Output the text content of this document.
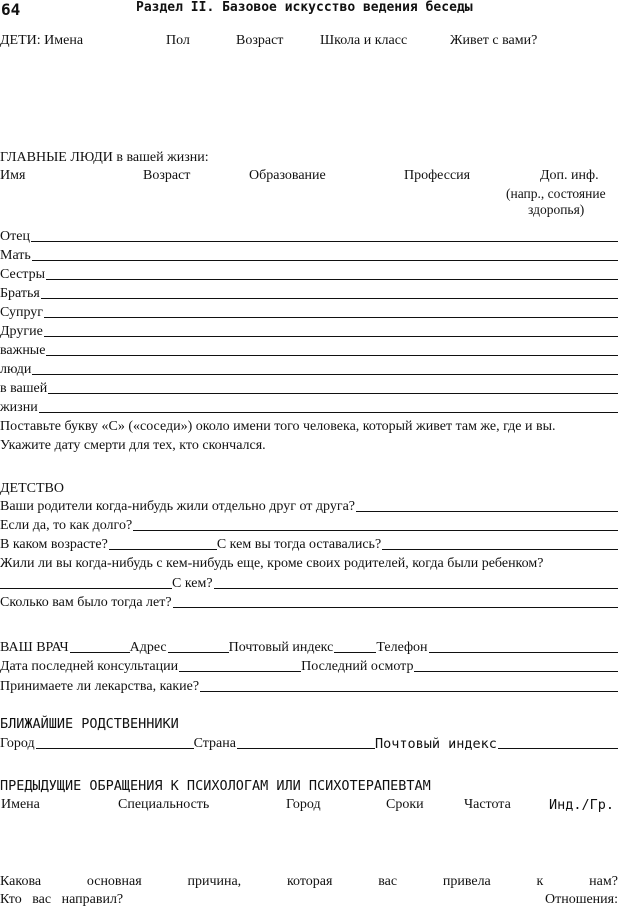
64	Раздел II. Базовое искусство ведения беседы
ДЕТИ: Имена	Пол	Возраст	Школа и класс	Живет с вами?
ГЛАВНЫЕ ЛЮДИ в вашей жизни:
Имя	Возраст	Образование	Профессия	Доп. инф.
(напр., состояние
здоропья)
Отец
Мать
Сестры
Братья
Супруг
Другие
важные
люди
в вашей
жизни
Поставьте букву «С» («соседи») около имени того человека, который живет там же, где и вы.
Укажите дату смерти для тех, кто скончался.
ДЕТСТВО
Ваши родители когда-нибудь жили отдельно друг от друга?
Если да, то как долго?
В каком возрасте?	С кем вы тогда оставались?
Жили ли вы когда-нибудь с кем-нибудь еще, кроме своих родителей, когда были ребенком?
С кем?
Сколько вам было тогда лет?
ВАШ ВРАЧ	Адрес	Почтовый индекс	Телефон
Дата последней консультации	Последний осмотр
Принимаете ли лекарства, какие?
БЛИЖАЙШИЕ РОДСТВЕННИКИ
Город	Страна	Почтовый индекс
ПРЕДЫДУЩИЕ ОБРАЩЕНИЯ К ПСИХОЛОГАМ ИЛИ ПСИХОТЕРАПЕВТАМ
Имена	Специальность	Город	Сроки	Частота	Инд./Гр.
Какова	основная	причина,	которая	вас	привела	к	нам?
Кто вас направил?	Отношения:
